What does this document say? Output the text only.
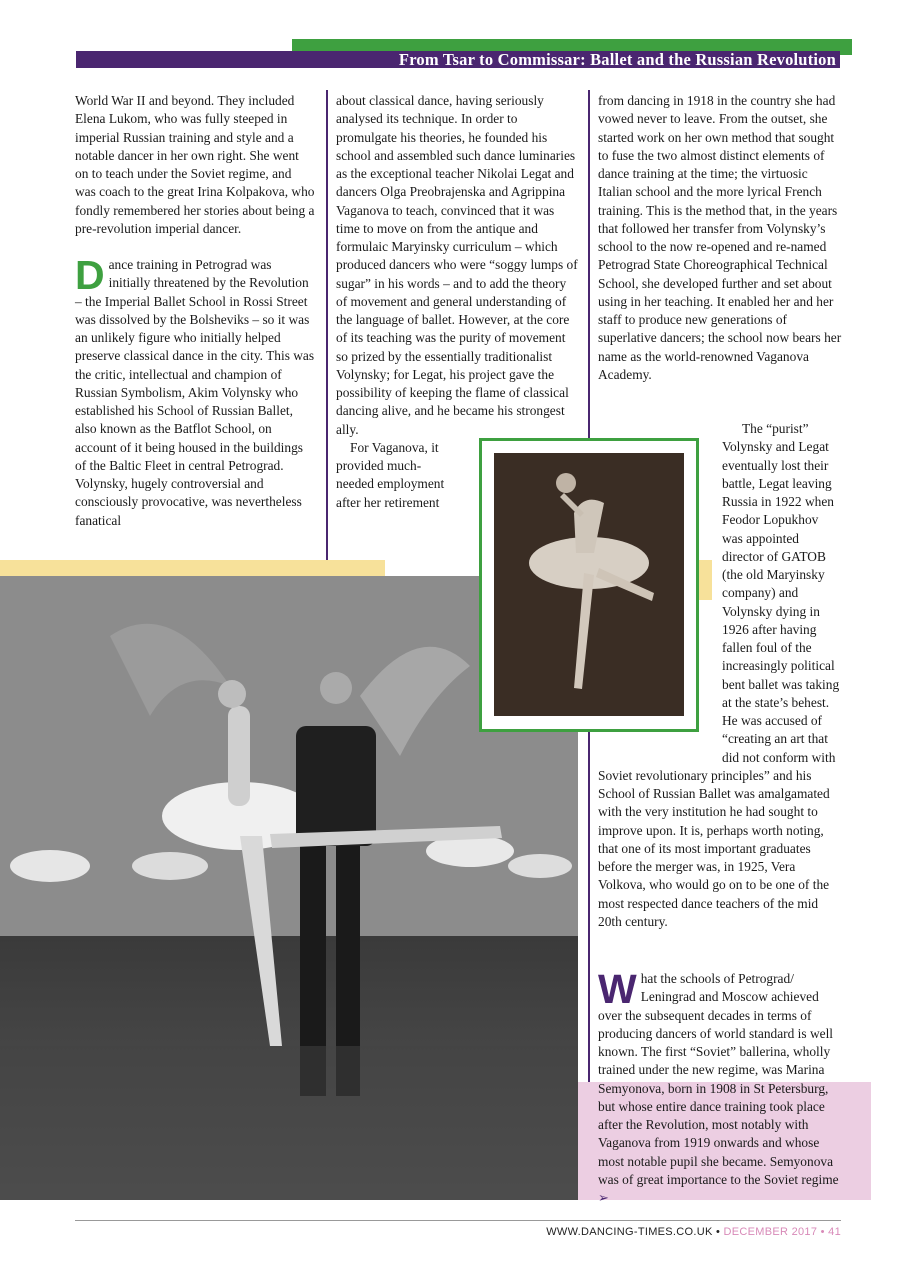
From Tsar to Commissar: Ballet and the Russian Revolution

World War II and beyond. They included Elena Lukom, who was fully steeped in imperial Russian training and style and a notable dancer in her own right. She went on to teach under the Soviet regime, and was coach to the great Irina Kolpakova, who fondly remembered her stories about being a pre-revolution imperial dancer.

Dance training in Petrograd was initially threatened by the Revolution – the Imperial Ballet School in Rossi Street was dissolved by the Bolsheviks – so it was an unlikely figure who initially helped preserve classical dance in the city. This was the critic, intellectual and champion of Russian Symbolism, Akim Volynsky who established his School of Russian Ballet, also known as the Batflot School, on account of it being housed in the buildings of the Baltic Fleet in central Petrograd. Volynsky, hugely controversial and consciously provocative, was nevertheless fanatical

about classical dance, having seriously analysed its technique. In order to promulgate his theories, he founded his school and assembled such dance luminaries as the exceptional teacher Nikolai Legat and dancers Olga Preobrajenska and Agrippina Vaganova to teach, convinced that it was time to move on from the antique and formulaic Maryinsky curriculum – which produced dancers who were “soggy lumps of sugar” in his words – and to add the theory of movement and general understanding of the language of ballet. However, at the core of its teaching was the purity of movement so prized by the essentially traditionalist Volynsky; for Legat, his project gave the possibility of keeping the flame of classical dancing alive, and he became his strongest ally.

For Vaganova, it provided much-needed employment after her retirement

from dancing in 1918 in the country she had vowed never to leave. From the outset, she started work on her own method that sought to fuse the two almost distinct elements of dance training at the time; the virtuosic Italian school and the more lyrical French training. This is the method that, in the years that followed her transfer from Volynsky’s school to the now re-opened and re-named Petrograd State Choreographical Technical School, she developed further and set about using in her teaching. It enabled her and her staff to produce new generations of superlative dancers; the school now bears her name as the world-renowned Vaganova Academy.

The “purist” Volynsky and Legat eventually lost their battle, Legat leaving Russia in 1922 when Feodor Lopukhov was appointed director of GATOB (the old Maryinsky company) and Volynsky dying in 1926 after having fallen foul of the increasingly political bent ballet was taking at the state’s behest. He was accused of “creating an art that did not conform with Soviet revolutionary principles” and his School of Russian Ballet was amalgamated with the very institution he had sought to improve upon. It is, perhaps worth noting, that one of its most important graduates before the merger was, in 1925, Vera Volkova, who would go on to be one of the most respected dance teachers of the mid 20th century.

What the schools of Petrograd/ Leningrad and Moscow achieved over the subsequent decades in terms of producing dancers of world standard is well known. The first “Soviet” ballerina, wholly trained under the new regime, was Marina Semyonova, born in 1908 in St Petersburg, but whose entire dance training took place after the Revolution, most notably with Vaganova from 1919 onwards and whose most notable pupil she became. Semyonova was of great importance to the Soviet regime ➢

WWW.DANCING-TIMES.CO.UK • DECEMBER 2017 • 41
